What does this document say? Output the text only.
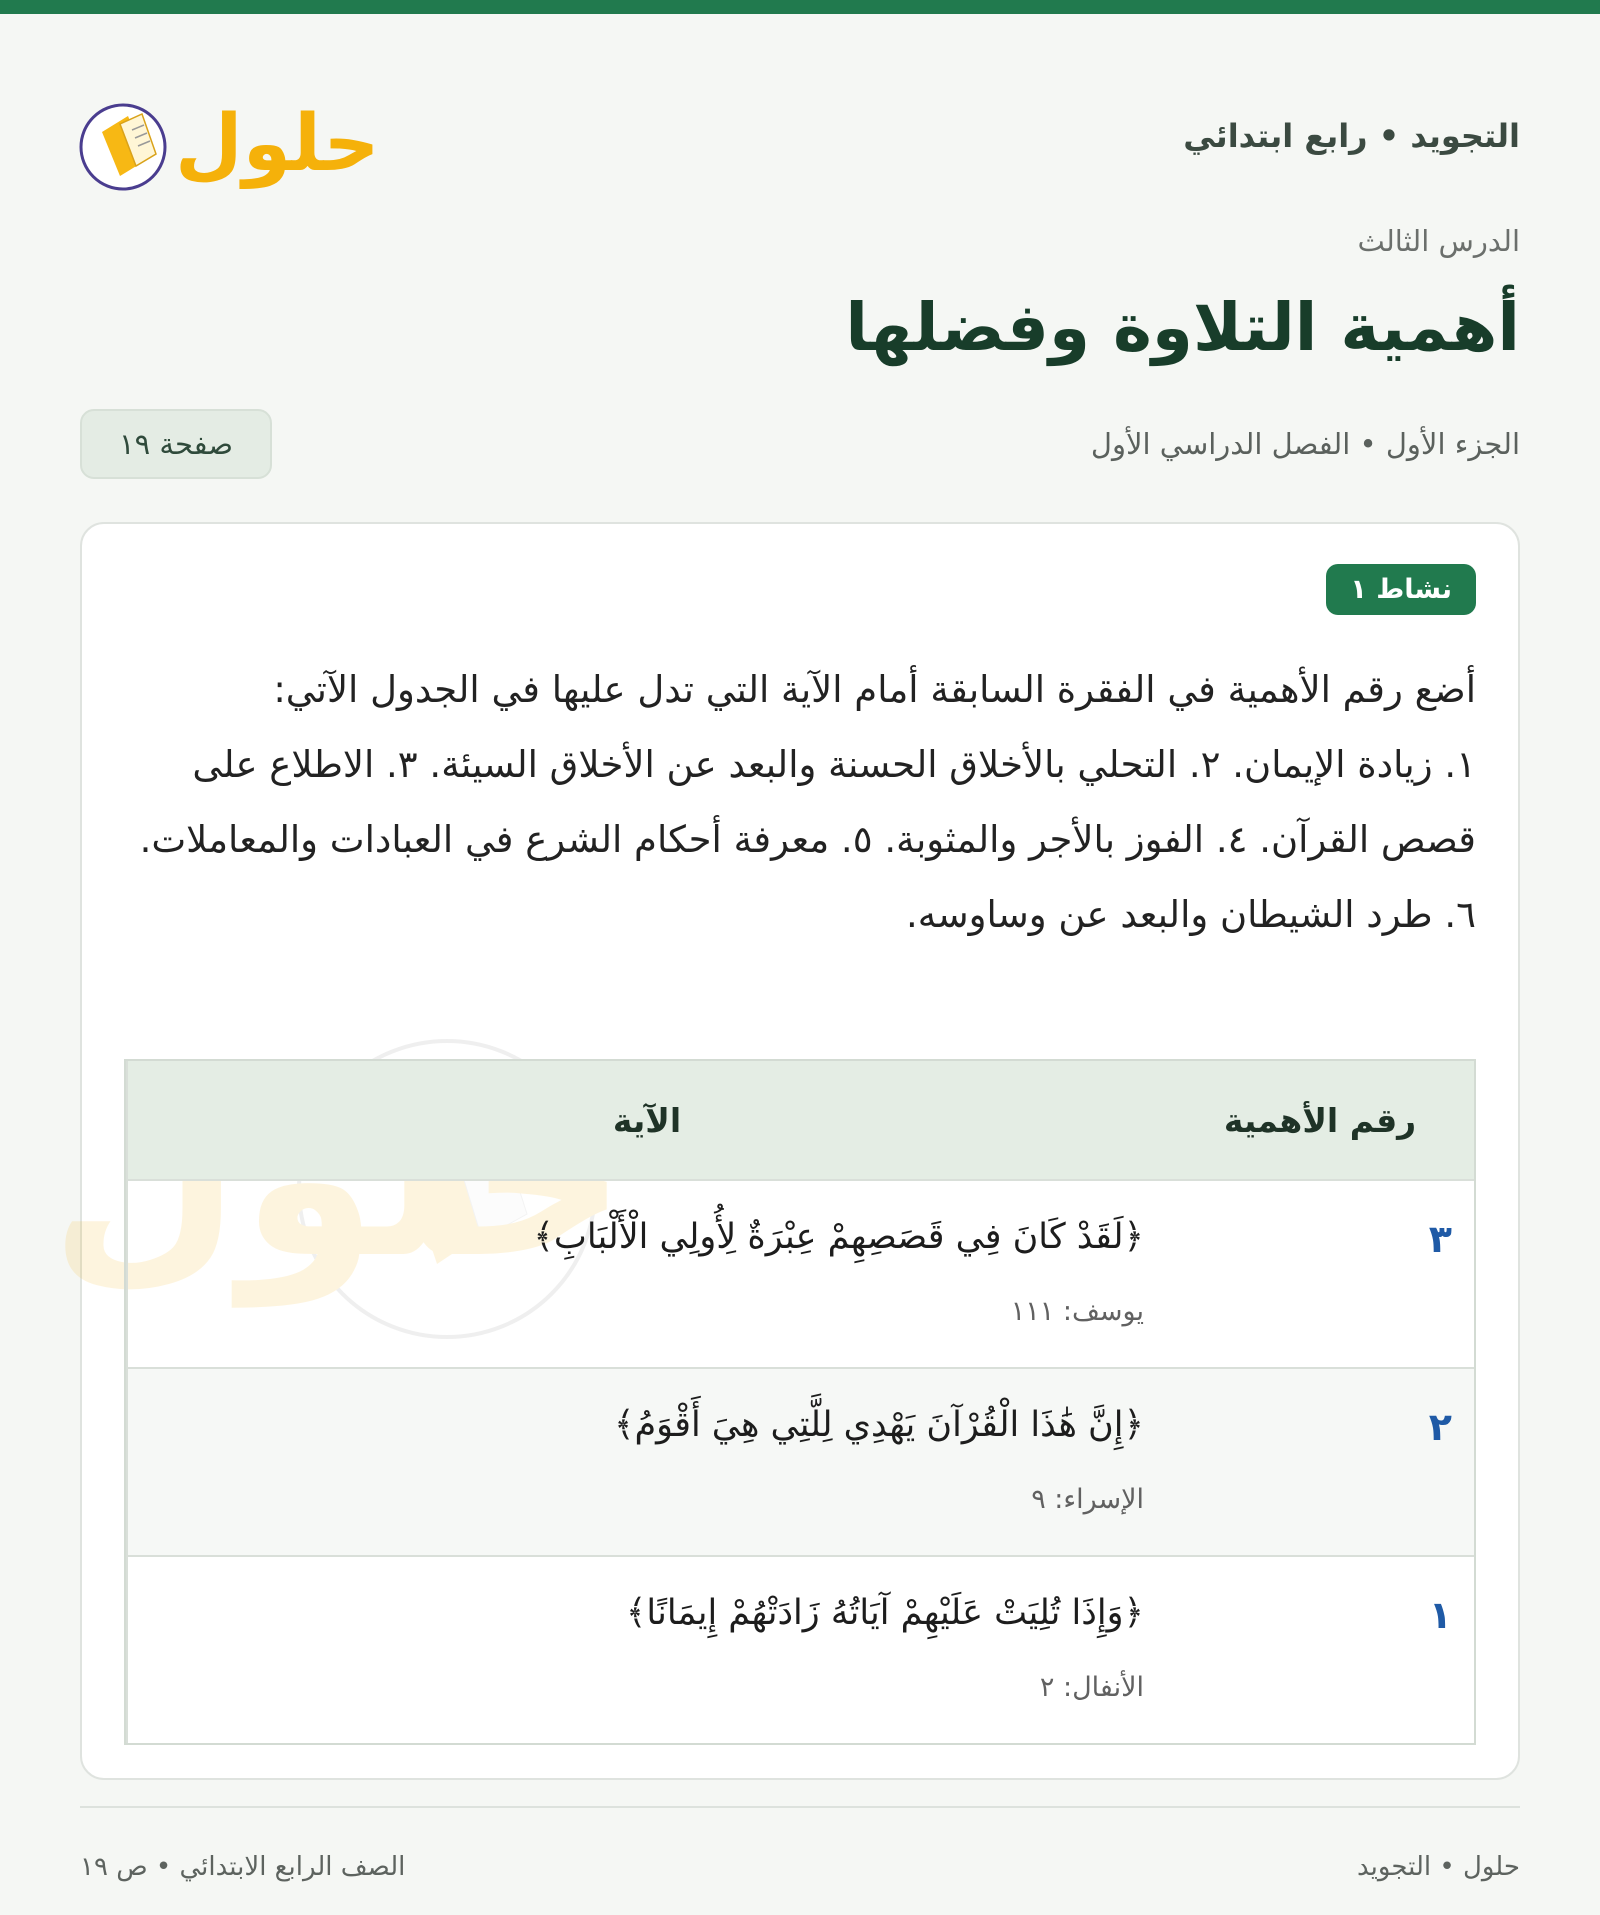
التجويد • رابع ابتدائي
حلول
الدرس الثالث
أهمية التلاوة وفضلها
الجزء الأول • الفصل الدراسي الأول
صفحة ١٩
نشاط ١

أضع رقم الأهمية في الفقرة السابقة أمام الآية التي تدل عليها في الجدول الآتي:

١. زيادة الإيمان. ٢. التحلي بالأخلاق الحسنة والبعد عن الأخلاق السيئة. ٣. الاطلاع على قصص القرآن. ٤. الفوز بالأجر والمثوبة. ٥. معرفة أحكام الشرع في العبادات والمعاملات. ٦. طرد الشيطان والبعد عن وساوسه.

رقم الأهمية
الآية
٣
﴿لَقَدْ كَانَ فِي قَصَصِهِمْ عِبْرَةٌ لِأُولِي الْأَلْبَابِ﴾
يوسف: ١١١
٢
﴿إِنَّ هَٰذَا الْقُرْآنَ يَهْدِي لِلَّتِي هِيَ أَقْوَمُ﴾
الإسراء: ٩
١
﴿وَإِذَا تُلِيَتْ عَلَيْهِمْ آيَاتُهُ زَادَتْهُمْ إِيمَانًا﴾
الأنفال: ٢
حلول • التجويد
الصف الرابع الابتدائي • ص ١٩
